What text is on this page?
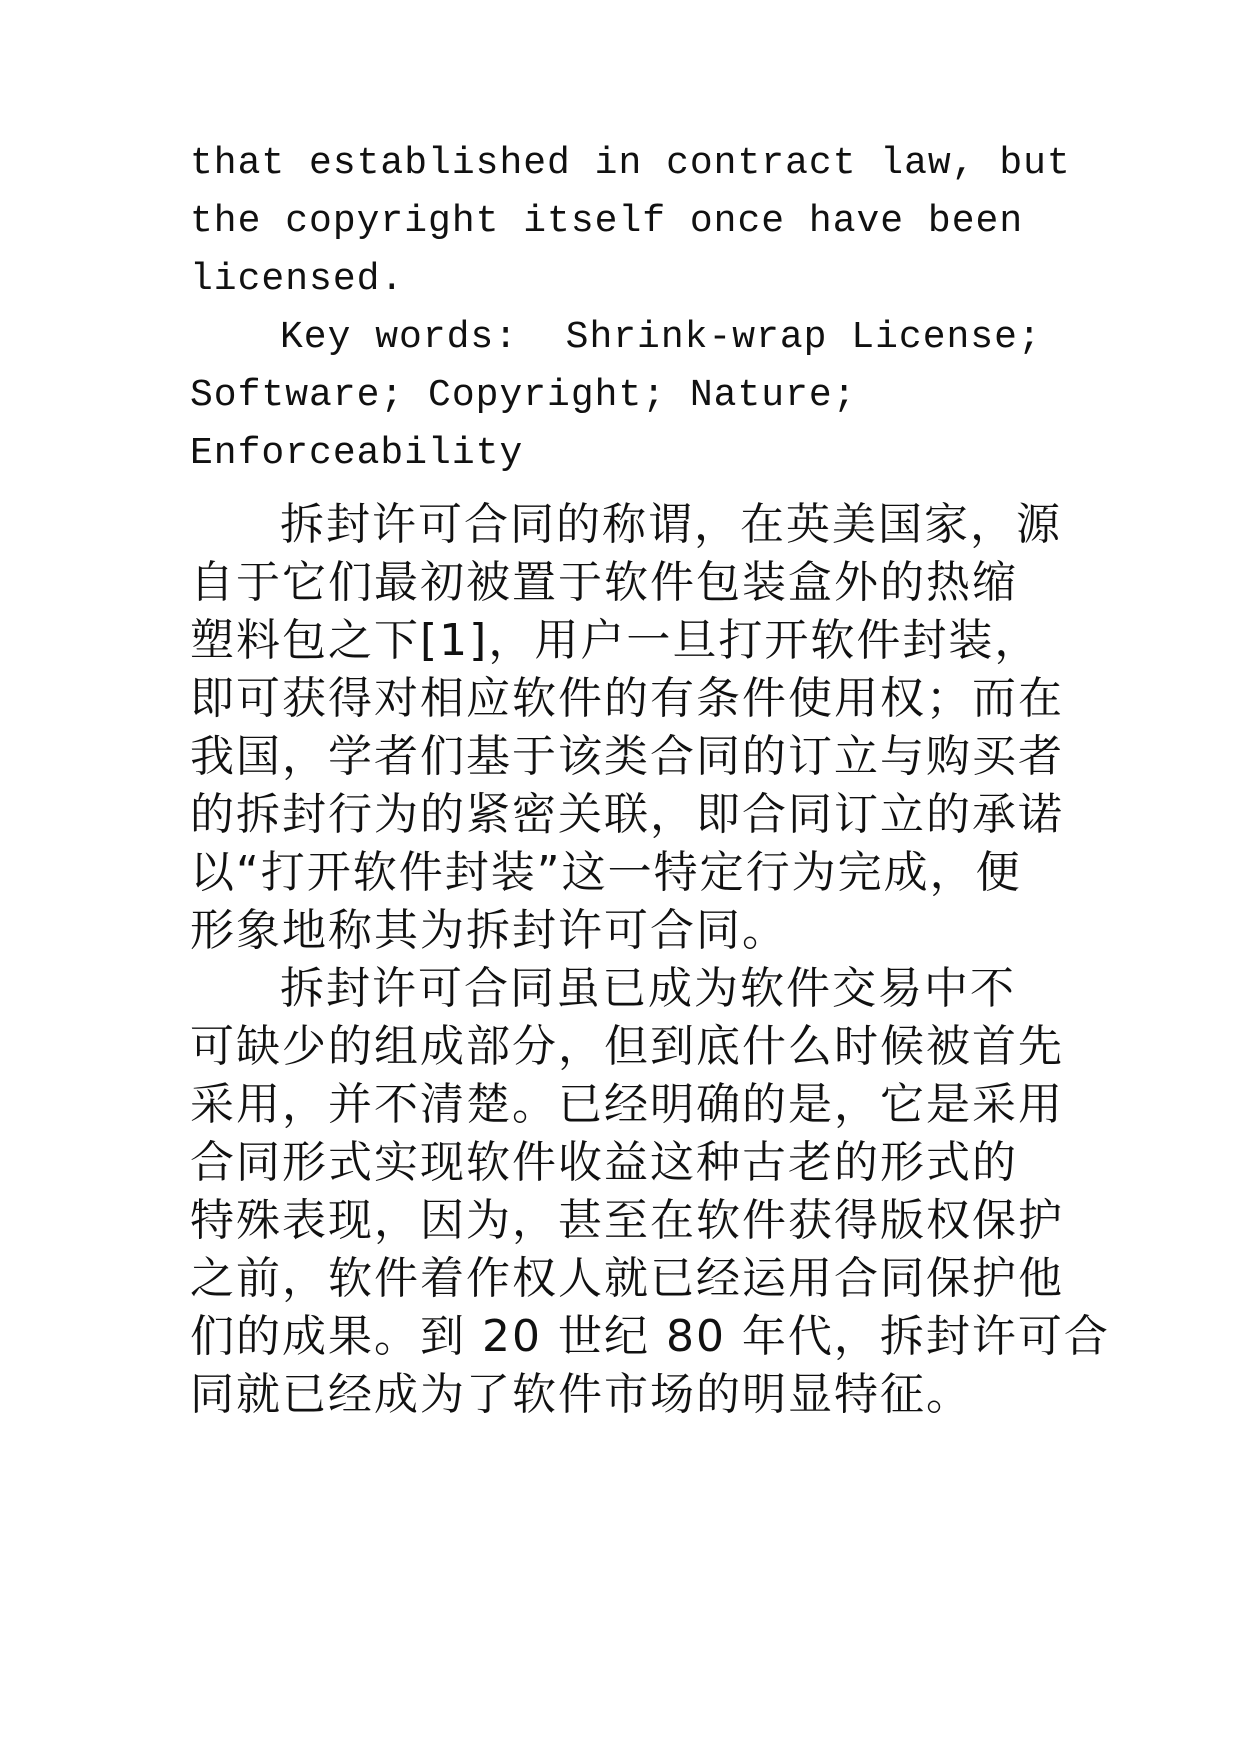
that established in contract law, but

the copyright itself once have been

licensed.

Key words:  Shrink-wrap License;

Software; Copyright; Nature;

Enforceability

拆封许可合同的称谓，在英美国家，源

自于它们最初被置于软件包装盒外的热缩

塑料包之下[1]，用户一旦打开软件封装，

即可获得对相应软件的有条件使用权；而在

我国，学者们基于该类合同的订立与购买者

的拆封行为的紧密关联，即合同订立的承诺

以“打开软件封装”这一特定行为完成，便

形象地称其为拆封许可合同。

拆封许可合同虽已成为软件交易中不

可缺少的组成部分，但到底什么时候被首先

采用，并不清楚。已经明确的是，它是采用

合同形式实现软件收益这种古老的形式的

特殊表现，因为，甚至在软件获得版权保护

之前，软件着作权人就已经运用合同保护他

们的成果。到 20 世纪 80 年代，拆封许可合

同就已经成为了软件市场的明显特征。
